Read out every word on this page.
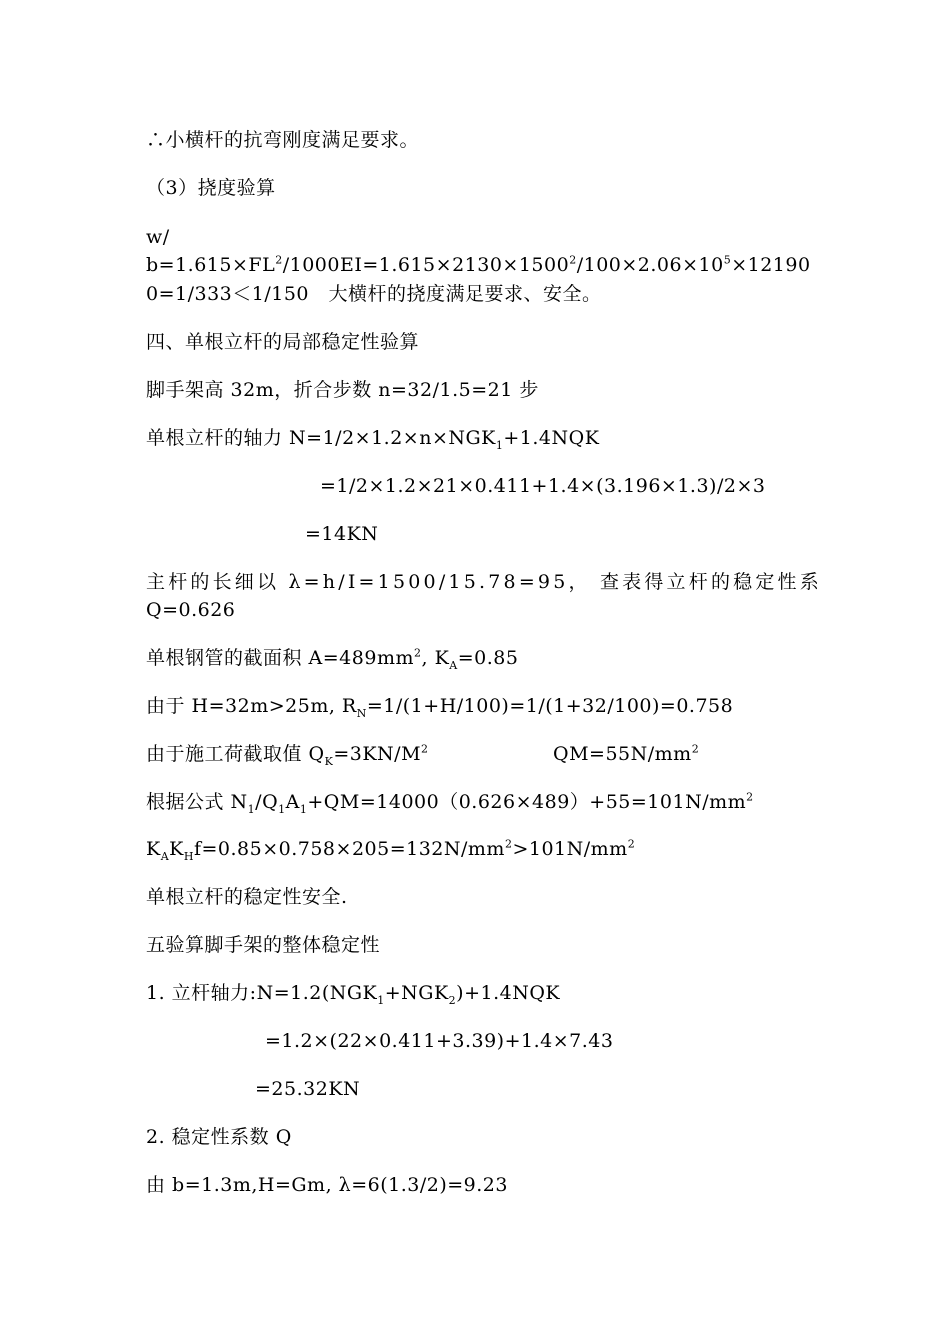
∴小横杆的抗弯刚度满足要求。
（3）挠度验算
w/
$b=1.615\times FL^2/1000EI=1.615\times 2130\times 1500^2/100\times 2.06\times 10^5\times 12190$
0=1/333＜1/150　大横杆的挠度满足要求、安全。
四、单根立杆的局部稳定性验算
脚手架高 32m，折合步数 n=32/1.5=21 步
单根立杆的轴力 $N=1/2\times 1.2\times n\times NGK_1+1.4NQK$
=1/2×1.2×21×0.411+1.4×(3.196×1.3)/2×3
=14KN
主杆的长细以 λ=h/I=1500/15.78=95， 查表得立杆的稳定性系
Q=0.626
单根钢管的截面积 $A=489mm^2$, $K_A=0.85$
由于 H=32m>25m, $R_N=1/(1+H/100)=1/(1+32/100)=0.758$
由于施工荷截取值 $Q_K=3KN/M^2$	$QM=55N/mm^2$
根据公式 $N_1/Q_1A_1+QM=14000(0.626\times 489)+55=101N/mm^2$
$K_AK_Hf=0.85\times 0.758\times 205=132N/mm^2>101N/mm^2$
单根立杆的稳定性安全.
五验算脚手架的整体稳定性
1. 立杆轴力$:N=1.2(NGK_1+NGK_2)+1.4NQK$
=1.2×(22×0.411+3.39)+1.4×7.43
=25.32KN
2. 稳定性系数 Q
由 b=1.3m,H=Gm, λ=6(1.3/2)=9.23
